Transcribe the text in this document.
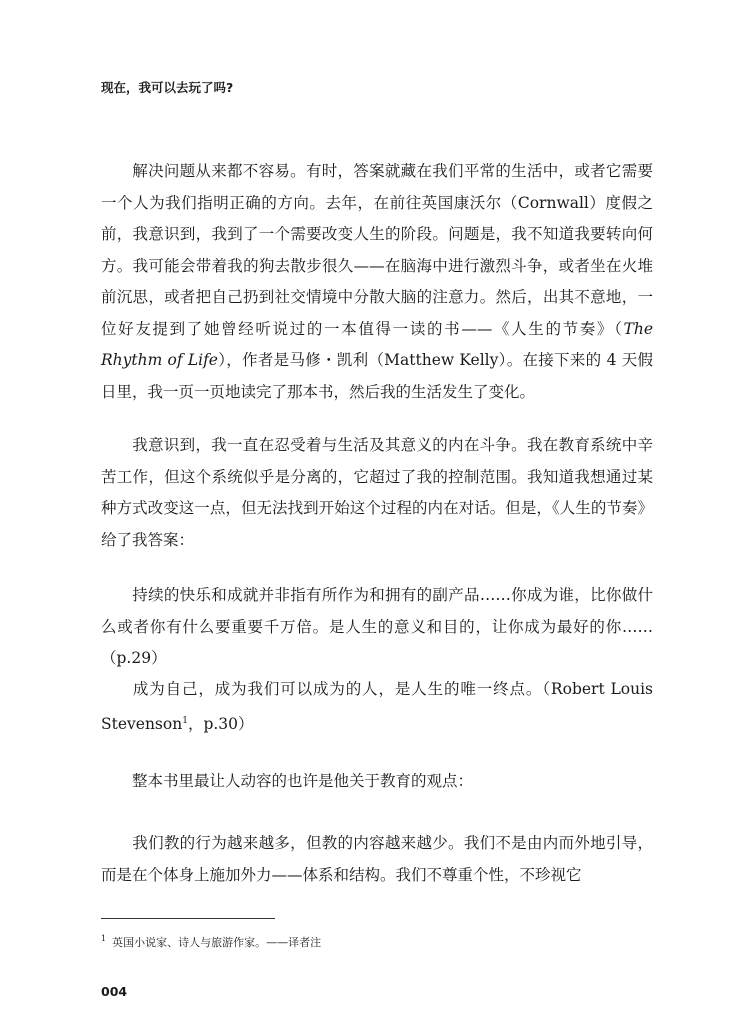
现在，我可以去玩了吗?

解决问题从来都不容易。有时，答案就藏在我们平常的生活中，或者它需要一个人为我们指明正确的方向。去年，在前往英国康沃尔（Cornwall）度假之前，我意识到，我到了一个需要改变人生的阶段。问题是，我不知道我要转向何方。我可能会带着我的狗去散步很久——在脑海中进行激烈斗争，或者坐在火堆前沉思，或者把自己扔到社交情境中分散大脑的注意力。然后，出其不意地，一位好友提到了她曾经听说过的一本值得一读的书——《人生的节奏》（The Rhythm of Life），作者是马修・凯利（Matthew Kelly）。在接下来的 4 天假日里，我一页一页地读完了那本书，然后我的生活发生了变化。

我意识到，我一直在忍受着与生活及其意义的内在斗争。我在教育系统中辛苦工作，但这个系统似乎是分离的，它超过了我的控制范围。我知道我想通过某种方式改变这一点，但无法找到开始这个过程的内在对话。但是，《人生的节奏》给了我答案：

持续的快乐和成就并非指有所作为和拥有的副产品……你成为谁，比你做什么或者你有什么要重要千万倍。是人生的意义和目的，让你成为最好的你……（p.29）

成为自己，成为我们可以成为的人，是人生的唯一终点。（Robert Louis Stevenson$^1$，p.30）

整本书里最让人动容的也许是他关于教育的观点：

我们教的行为越来越多，但教的内容越来越少。我们不是由内而外地引导，而是在个体身上施加外力——体系和结构。我们不尊重个性，不珍视它

$^1$ 英国小说家、诗人与旅游作家。——译者注
004
